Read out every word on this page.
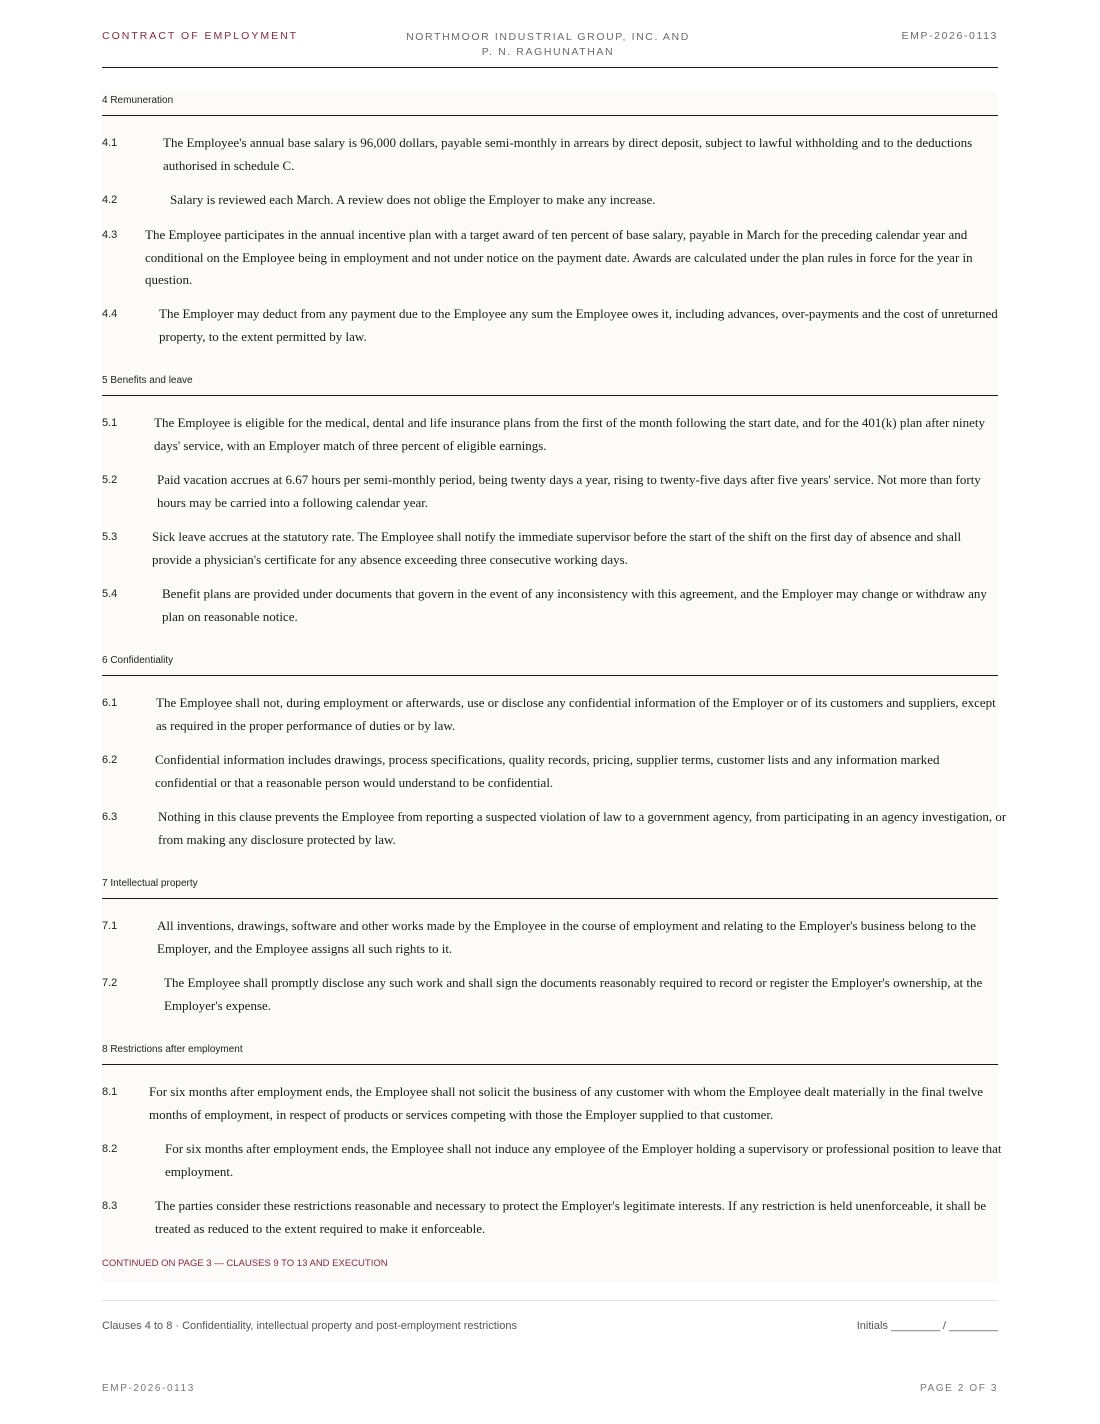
CONTRACT OF EMPLOYMENT	NORTHMOOR INDUSTRIAL GROUP, INC. AND P. N. RAGHUNATHAN
EMP-2026-0113
4 Remuneration
4.1	The Employee's annual base salary is 96,000 dollars, payable semi-monthly in arrears by direct deposit, subject to lawful withholding and to the deductions authorised in schedule C.
4.2	Salary is reviewed each March. A review does not oblige the Employer to make any increase.
4.3 The Employee participates in the annual incentive plan with a target award of ten percent of base salary, payable in March for the preceding calendar year and conditional on the Employee being in employment and not under notice on the payment date. Awards are calculated under the plan rules in force for the year in question.
4.4	The Employer may deduct from any payment due to the Employee any sum the Employee owes it, including advances, over-payments and the cost of unreturned property, to the extent permitted by law.
5 Benefits and leave
5.1	The Employee is eligible for the medical, dental and life insurance plans from the first of the month following the start date, and for the 401(k) plan after ninety days' service, with an Employer match of three percent of eligible earnings.
5.2	Paid vacation accrues at 6.67 hours per semi-monthly period, being twenty days a year, rising to twenty-five days after five years' service. Not more than forty hours may be carried into a following calendar year.
5.3	Sick leave accrues at the statutory rate. The Employee shall notify the immediate supervisor before the start of the shift on the first day of absence and shall provide a physician's certificate for any absence exceeding three consecutive working days.
5.4	Benefit plans are provided under documents that govern in the event of any inconsistency with this agreement, and the Employer may change or withdraw any plan on reasonable notice.
6 Confidentiality
6.1	The Employee shall not, during employment or afterwards, use or disclose any confidential information of the Employer or of its customers and suppliers, except as required in the proper performance of duties or by law.
6.2	Confidential information includes drawings, process specifications, quality records, pricing, supplier terms, customer lists and any information marked confidential or that a reasonable person would understand to be confidential.
6.3	Nothing in this clause prevents the Employee from reporting a suspected violation of law to a government agency, from participating in an agency investigation, or from making any disclosure protected by law.
7 Intellectual property
7.1	All inventions, drawings, software and other works made by the Employee in the course of employment and relating to the Employer's business belong to the Employer, and the Employee assigns all such rights to it.
7.2	The Employee shall promptly disclose any such work and shall sign the documents reasonably required to record or register the Employer's ownership, at the Employer's expense.
8 Restrictions after employment
8.1 For six months after employment ends, the Employee shall not solicit the business of any customer with whom the Employee dealt materially in the final twelve months of employment, in respect of products or services competing with those the Employer supplied to that customer.
8.2	For six months after employment ends, the Employee shall not induce any employee of the Employer holding a supervisory or professional position to leave that employment.
8.3	The parties consider these restrictions reasonable and necessary to protect the Employer's legitimate interests. If any restriction is held unenforceable, it shall be treated as reduced to the extent required to make it enforceable.
CONTINUED ON PAGE 3 — CLAUSES 9 TO 13 AND EXECUTION
Clauses 4 to 8 · Confidentiality, intellectual property and post-employment restrictions	Initials ________ / ________
EMP-2026-0113	PAGE 2 OF 3
